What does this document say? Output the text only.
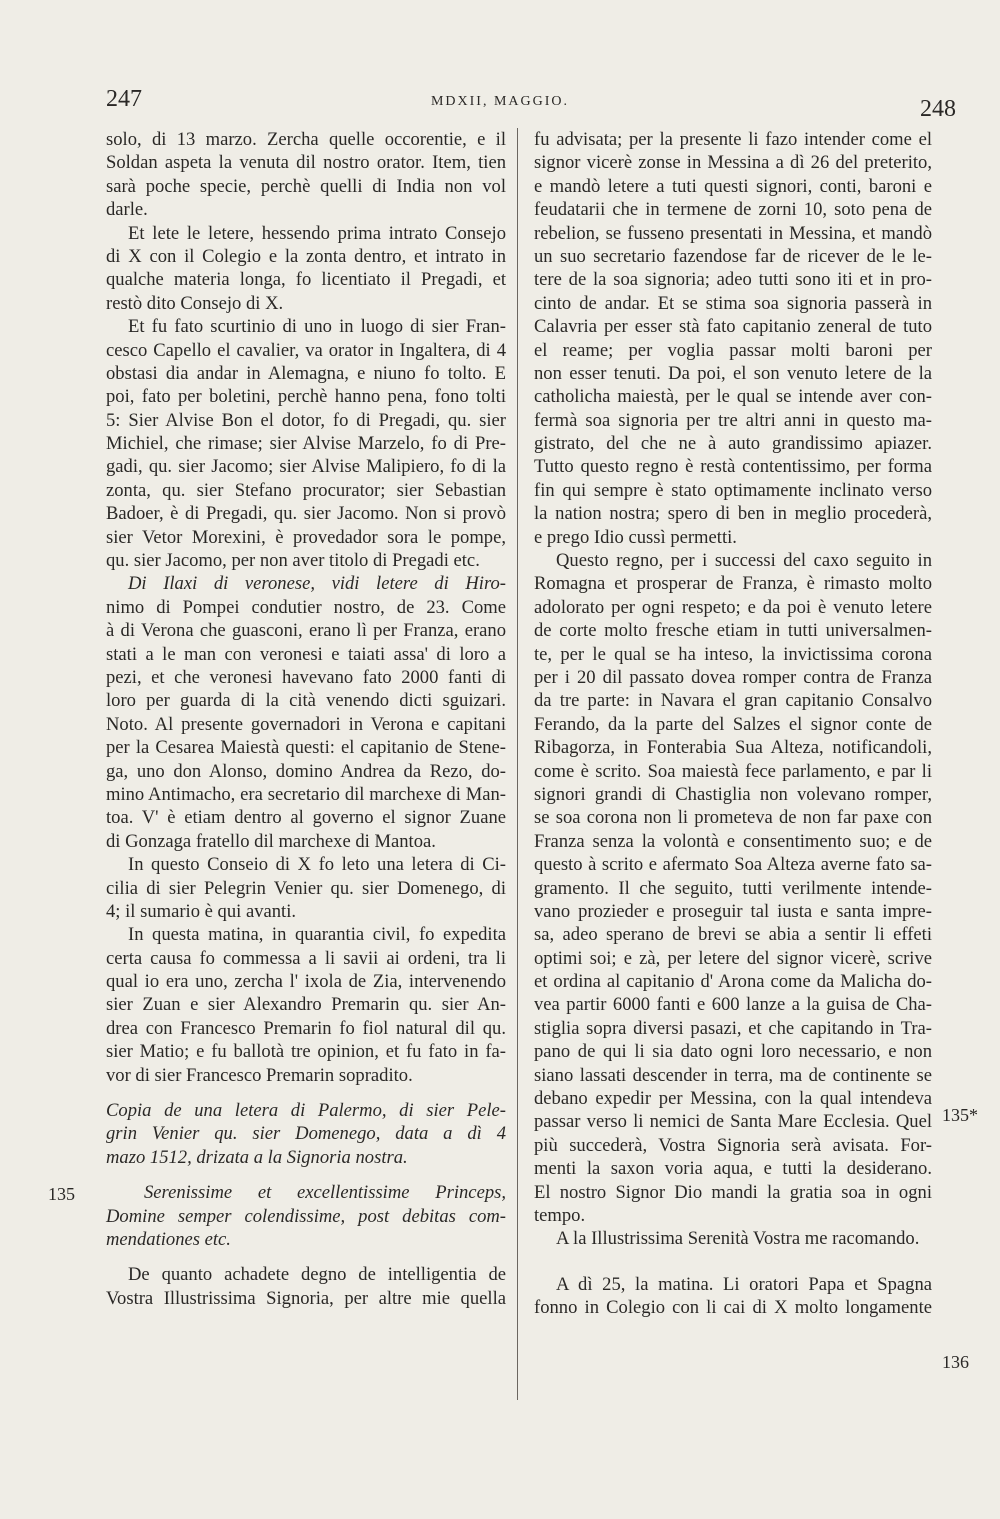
247	MDXII, MAGGIO.	248
solo, di 13 marzo. Zercha quelle occorentie, e il
Soldan aspeta la venuta dil nostro orator. Item, tien
sarà poche specie, perchè quelli di India non vol
darle.
Et lete le letere, hessendo prima intrato Consejo
di X con il Colegio e la zonta dentro, et intrato in
qualche materia longa, fo licentiato il Pregadi, et
restò dito Consejo di X.
Et fu fato scurtinio di uno in luogo di sier Fran-
cesco Capello el cavalier, va orator in Ingaltera, di 4
obstasi dia andar in Alemagna, e niuno fo tolto. E
poi, fato per boletini, perchè hanno pena, fono tolti
5: Sier Alvise Bon el dotor, fo di Pregadi, qu. sier
Michiel, che rimase; sier Alvise Marzelo, fo di Pre-
gadi, qu. sier Jacomo; sier Alvise Malipiero, fo di la
zonta, qu. sier Stefano procurator; sier Sebastian
Badoer, è di Pregadi, qu. sier Jacomo. Non si provò
sier Vetor Morexini, è provedador sora le pompe,
qu. sier Jacomo, per non aver titolo di Pregadi etc.
Di Ilaxi di veronese, vidi letere di Hiro-
nimo di Pompei condutier nostro, de 23. Come
à di Verona che guasconi, erano lì per Franza, erano
stati a le man con veronesi e taiati assa' di loro a
pezi, et che veronesi havevano fato 2000 fanti di
loro per guarda di la cità venendo dicti sguizari.
Noto. Al presente governadori in Verona e capitani
per la Cesarea Maiestà questi: el capitanio de Stene-
ga, uno don Alonso, domino Andrea da Rezo, do-
mino Antimacho, era secretario dil marchexe di Man-
toa. V' è etiam dentro al governo el signor Zuane
di Gonzaga fratello dil marchexe di Mantoa.
In questo Conseio di X fo leto una letera di Ci-
cilia di sier Pelegrin Venier qu. sier Domenego, di
4; il sumario è qui avanti.
In questa matina, in quarantia civil, fo expedita
certa causa fo commessa a li savii ai ordeni, tra li
qual io era uno, zercha l' ixola de Zia, intervenendo
sier Zuan e sier Alexandro Premarin qu. sier An-
drea con Francesco Premarin fo fiol natural dil qu.
sier Matio; e fu ballotà tre opinion, et fu fato in fa-
vor di sier Francesco Premarin sopradito.
Copia de una letera di Palermo, di sier Pele-
grin Venier qu. sier Domenego, data a dì 4
mazo 1512, drizata a la Signoria nostra.
Serenissime et excellentissime Princeps,
Domine semper colendissime, post debitas com-
mendationes etc.
De quanto achadete degno de intelligentia de
Vostra Illustrissima Signoria, per altre mie quella
fu advisata; per la presente li fazo intender come el
signor vicerè zonse in Messina a dì 26 del preterito,
e mandò letere a tuti questi signori, conti, baroni e
feudatarii che in termene de zorni 10, soto pena de
rebelion, se fusseno presentati in Messina, et mandò
un suo secretario fazendose far de ricever de le le-
tere de la soa signoria; adeo tutti sono iti et in pro-
cinto de andar. Et se stima soa signoria passerà in
Calavria per esser stà fato capitanio zeneral de tuto
el reame; per voglia passar molti baroni per
non esser tenuti. Da poi, el son venuto letere de la
catholicha maiestà, per le qual se intende aver con-
fermà soa signoria per tre altri anni in questo ma-
gistrato, del che ne à auto grandissimo apiazer.
Tutto questo regno è restà contentissimo, per forma
fin qui sempre è stato optimamente inclinato verso
la nation nostra; spero di ben in meglio procederà,
e prego Idio cussì permetti.
Questo regno, per i successi del caxo seguito in
Romagna et prosperar de Franza, è rimasto molto
adolorato per ogni respeto; e da poi è venuto letere
de corte molto fresche etiam in tutti universalmen-
te, per le qual se ha inteso, la invictissima corona
per i 20 dil passato dovea romper contra de Franza
da tre parte: in Navara el gran capitanio Consalvo
Ferando, da la parte del Salzes el signor conte de
Ribagorza, in Fonterabia Sua Alteza, notificandoli,
come è scrito. Soa maiestà fece parlamento, e par li
signori grandi di Chastiglia non volevano romper,
se soa corona non li prometeva de non far paxe con
Franza senza la volontà e consentimento suo; e de
questo à scrito e afermato Soa Alteza averne fato sa-
gramento. Il che seguito, tutti verilmente intende-
vano prozieder e proseguir tal iusta e santa impre-
sa, adeo sperano de brevi se abia a sentir li effeti
optimi soi; e zà, per letere del signor vicerè, scrive
et ordina al capitanio d' Arona come da Malicha do-
vea partir 6000 fanti e 600 lanze a la guisa de Cha-
stiglia sopra diversi pasazi, et che capitando in Tra-
pano de qui li sia dato ogni loro necessario, e non
siano lassati descender in terra, ma de continente se
debano expedir per Messina, con la qual intendeva
passar verso li nemici de Santa Mare Ecclesia. Quel
più succederà, Vostra Signoria serà avisata. For-
menti la saxon voria aqua, e tutti la desiderano.
El nostro Signor Dio mandi la gratia soa in ogni
tempo.
A la Illustrissima Serenità Vostra me racomando.
A dì 25, la matina. Li oratori Papa et Spagna
fonno in Colegio con li cai di X molto longamente
135
135*
136
